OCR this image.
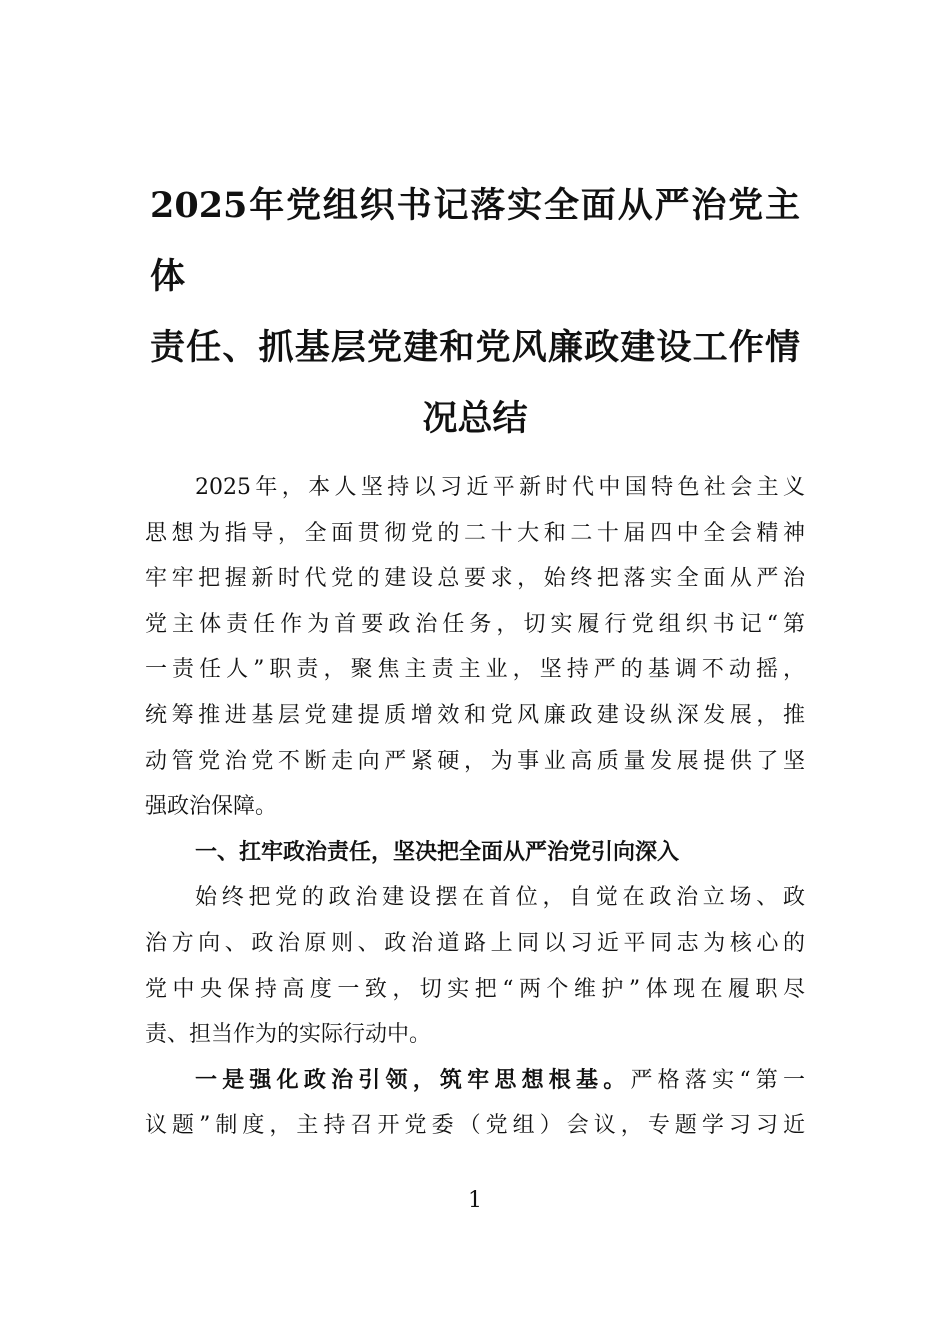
2025年党组织书记落实全面从严治党主体
责任、抓基层党建和党风廉政建设工作情
况总结
2025年，本人坚持以习近平新时代中国特色社会主义
思想为指导，全面贯彻党的二十大和二十届四中全会精神
牢牢把握新时代党的建设总要求，始终把落实全面从严治
党主体责任作为首要政治任务，切实履行党组织书记“第
一责任人”职责，聚焦主责主业，坚持严的基调不动摇，
统筹推进基层党建提质增效和党风廉政建设纵深发展，推
动管党治党不断走向严紧硬，为事业高质量发展提供了坚
强政治保障。
一、扛牢政治责任，坚决把全面从严治党引向深入
始终把党的政治建设摆在首位，自觉在政治立场、政
治方向、政治原则、政治道路上同以习近平同志为核心的
党中央保持高度一致，切实把“两个维护”体现在履职尽
责、担当作为的实际行动中。
一是强化政治引领，筑牢思想根基。严格落实“第一
议题”制度，主持召开党委（党组）会议，专题学习习近
1
